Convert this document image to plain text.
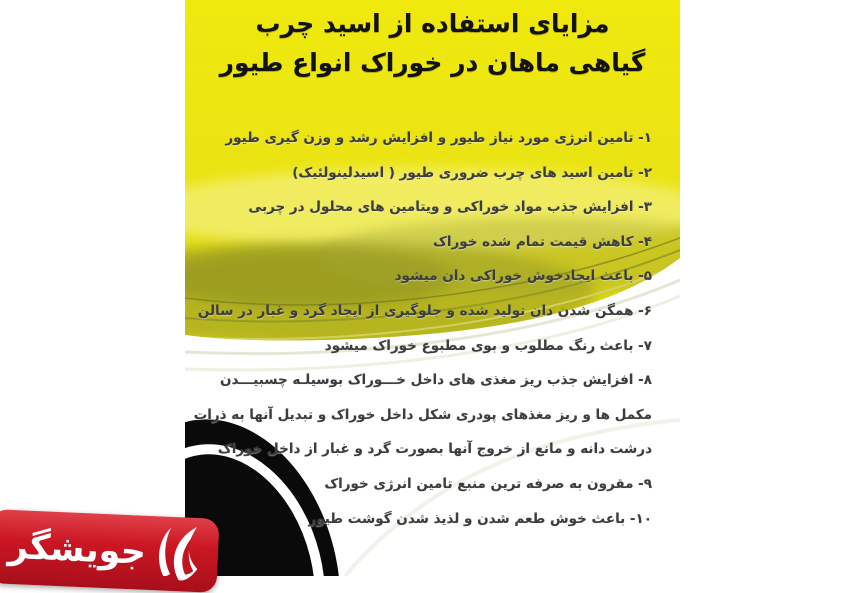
مزایای استفاده از اسید چرب
گیاهی ماهان در خوراک انواع طیور
۱- تامین انرژی مورد نیاز طیور و افزایش رشد و وزن گیری طیور
۲- تامین اسید های چرب ضروری طیور ( اسیدلینولئیک)
۳- افزایش جذب مواد خوراکی و ویتامین های محلول در چربی
۴- کاهش قیمت تمام شده خوراک
۵- باعث ایجادخوش خوراکی دان میشود
۶- همگن شدن دان تولید شده و جلوگیری از ایجاد گرد و غبار در سالن
۷- باعث رنگ مطلوب و بوی مطبوع خوراک میشود
۸- افزایش جذب ریز مغذی های داخل خـــوراک بوسیلـه چسبیـــدن
مکمل ها و ریز مغذهای پودری شکل داخل خوراک و تبدیل آنها به ذرات
درشت دانه و مانع از خروج آنها بصورت گرد و غبار از داخل خوراک
۹- مقرون به صرفه ترین منبع تامین انرژی خوراک
۱۰- باعث خوش طعم شدن و لذیذ شدن گوشت طیور
جویشگر
